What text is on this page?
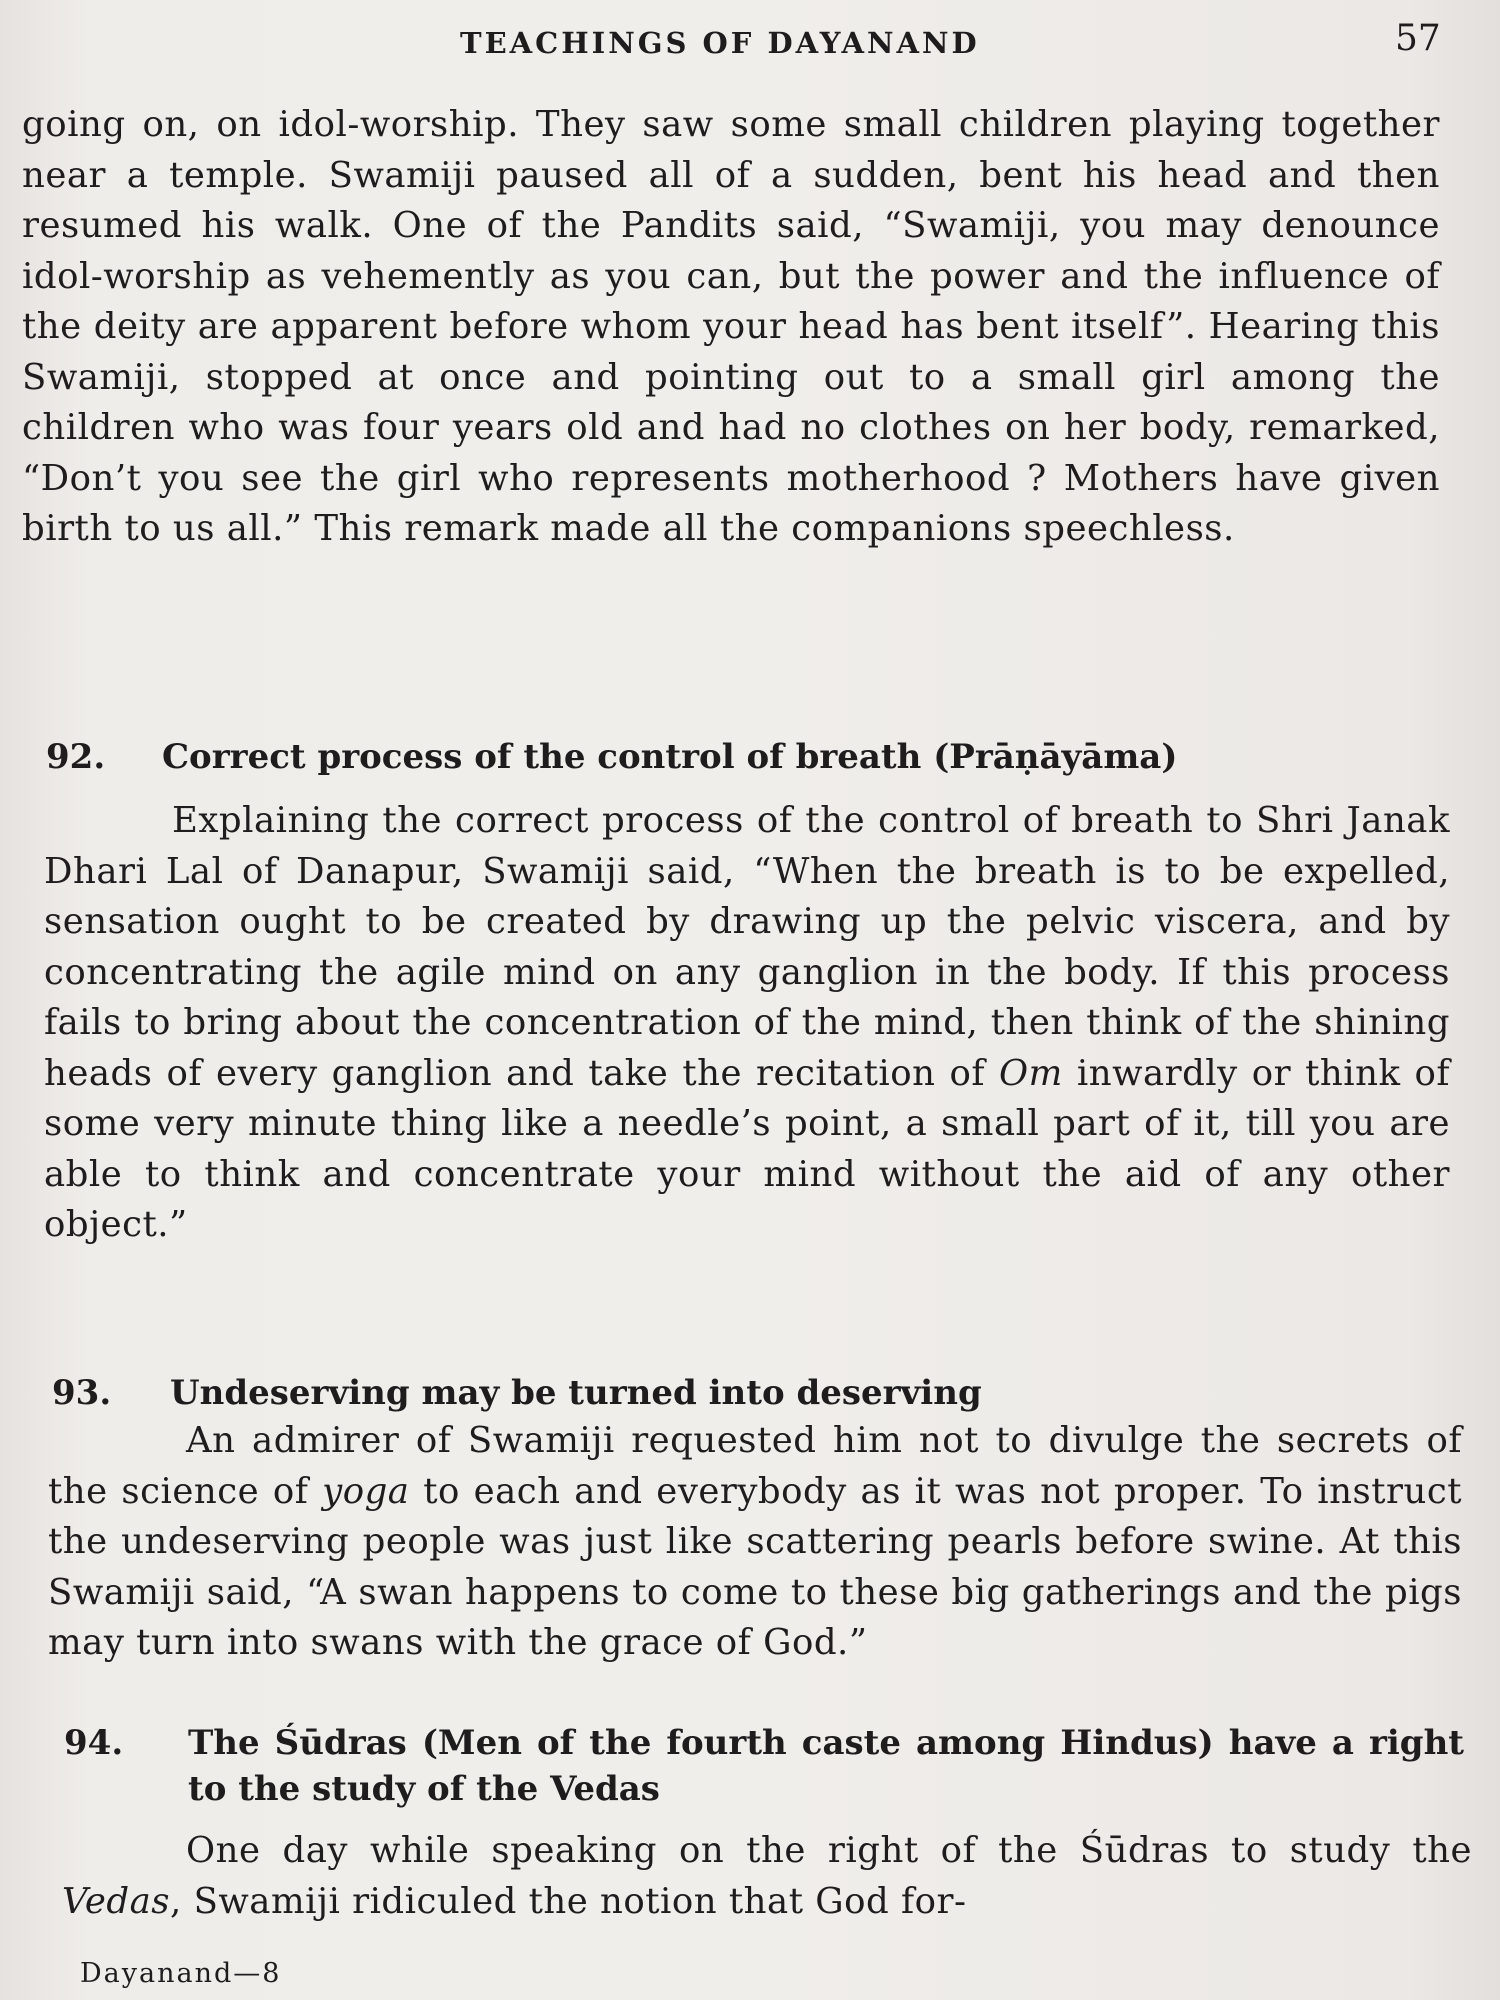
TEACHINGS OF DAYANAND	57

going on, on idol-worship. They saw some small children playing together near a temple. Swamiji paused all of a sudden, bent his head and then resumed his walk. One of the Pandits said, “Swamiji, you may denounce idol-worship as vehemently as you can, but the power and the influence of the deity are apparent before whom your head has bent itself”. Hearing this Swamiji, stopped at once and pointing out to a small girl among the children who was four years old and had no clothes on her body, remarked, “Don’t you see the girl who represents motherhood ? Mothers have given birth to us all.” This remark made all the companions speechless.

92.	Correct process of the control of breath (Prāṇāyāma)

Explaining the correct process of the control of breath to Shri Janak Dhari Lal of Danapur, Swamiji said, “When the breath is to be expelled, sensation ought to be created by drawing up the pelvic viscera, and by concentrating the agile mind on any ganglion in the body. If this process fails to bring about the concentration of the mind, then think of the shining heads of every ganglion and take the recitation of Om inwardly or think of some very minute thing like a needle’s point, a small part of it, till you are able to think and concentrate your mind without the aid of any other object.”

93.	Undeserving may be turned into deserving

An admirer of Swamiji requested him not to divulge the secrets of the science of yoga to each and everybody as it was not proper. To instruct the undeserving people was just like scattering pearls before swine. At this Swamiji said, “A swan happens to come to these big gatherings and the pigs may turn into swans with the grace of God.”

94.	The Śūdras (Men of the fourth caste among Hindus) have a right to the study of the Vedas

One day while speaking on the right of the Śūdras to study the Vedas, Swamiji ridiculed the notion that God for-

Dayanand—8
